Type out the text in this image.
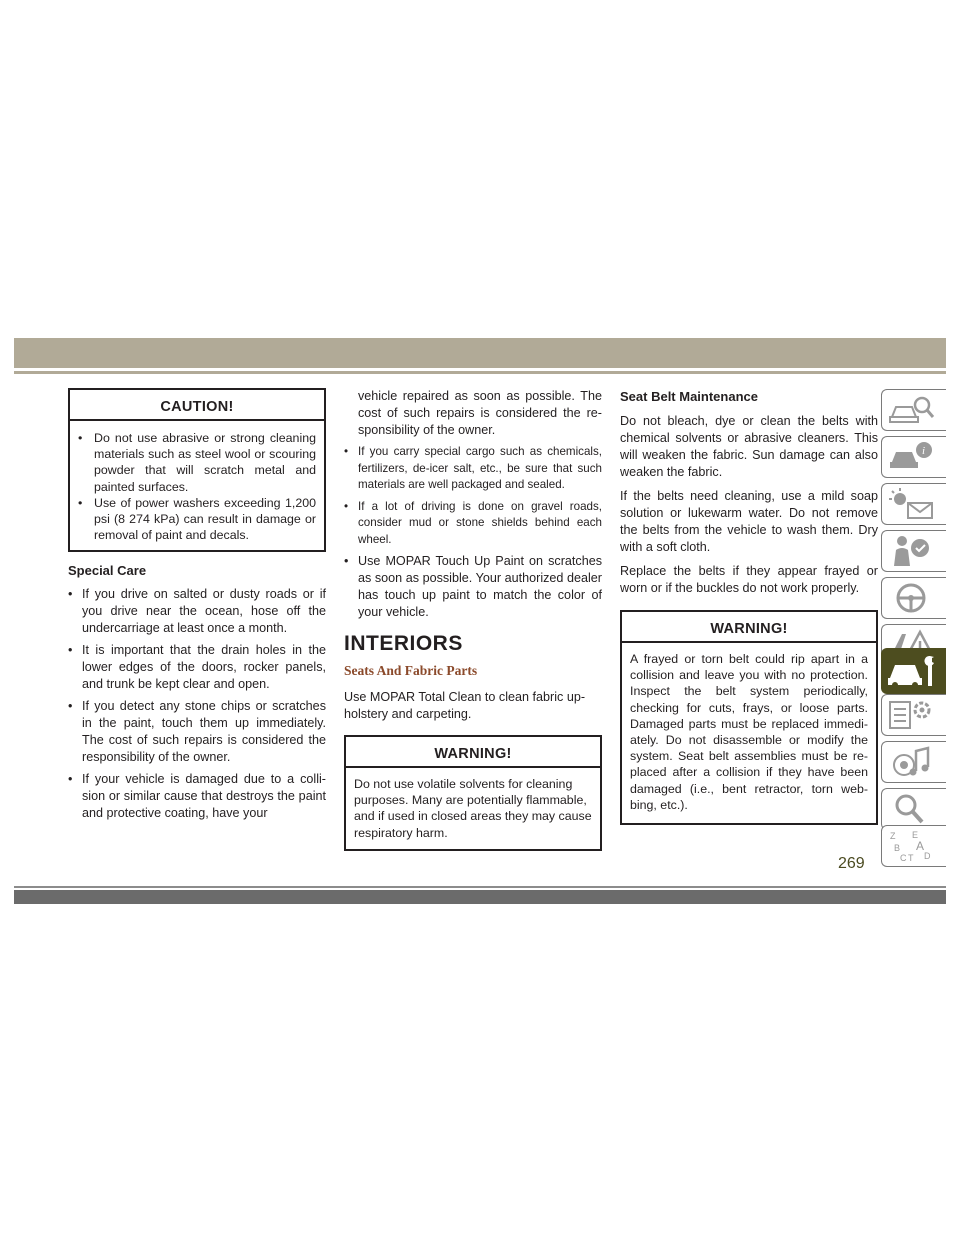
CAUTION!
• Do not use abrasive or strong cleaning materials such as steel wool or scouring powder that will scratch metal and painted surfaces.
• Use of power washers exceeding 1,200 psi (8 274 kPa) can result in damage or removal of paint and decals.
Special Care
• If you drive on salted or dusty roads or if you drive near the ocean, hose off the undercarriage at least once a month.
• It is important that the drain holes in the lower edges of the doors, rocker panels, and trunk be kept clear and open.
• If you detect any stone chips or scratches in the paint, touch them up immediately. The cost of such repairs is considered the responsibility of the owner.
• If your vehicle is damaged due to a colli-sion or similar cause that destroys the paint and protective coating, have your

vehicle repaired as soon as possible. The cost of such repairs is considered the re-sponsibility of the owner.

• If you carry special cargo such as chemicals, fertilizers, de-icer salt, etc., be sure that such materials are well packaged and sealed.
• If a lot of driving is done on gravel roads, consider mud or stone shields behind each wheel.
• Use MOPAR Touch Up Paint on scratches as soon as possible. Your authorized dealer has touch up paint to match the color of your vehicle.
INTERIORS
Seats And Fabric Parts

Use MOPAR Total Clean to clean fabric up-holstery and carpeting.

WARNING!
Do not use volatile solvents for cleaning purposes. Many are potentially flammable, and if used in closed areas they may cause respiratory harm.
Seat Belt Maintenance

Do not bleach, dye or clean the belts with chemical solvents or abrasive cleaners. This will weaken the fabric. Sun damage can also weaken the fabric.

If the belts need cleaning, use a mild soap solution or lukewarm water. Do not remove the belts from the vehicle to wash them. Dry with a soft cloth.

Replace the belts if they appear frayed or worn or if the buckles do not work properly.

WARNING!
A frayed or torn belt could rip apart in a collision and leave you with no protection. Inspect the belt system periodically, checking for cuts, frays, or loose parts. Damaged parts must be replaced immedi-ately. Do not disassemble or modify the system. Seat belt assemblies must be re-placed after a collision if they have been damaged (i.e., bent retractor, torn web-bing, etc.).
i
Z E
B A
C T D
269
